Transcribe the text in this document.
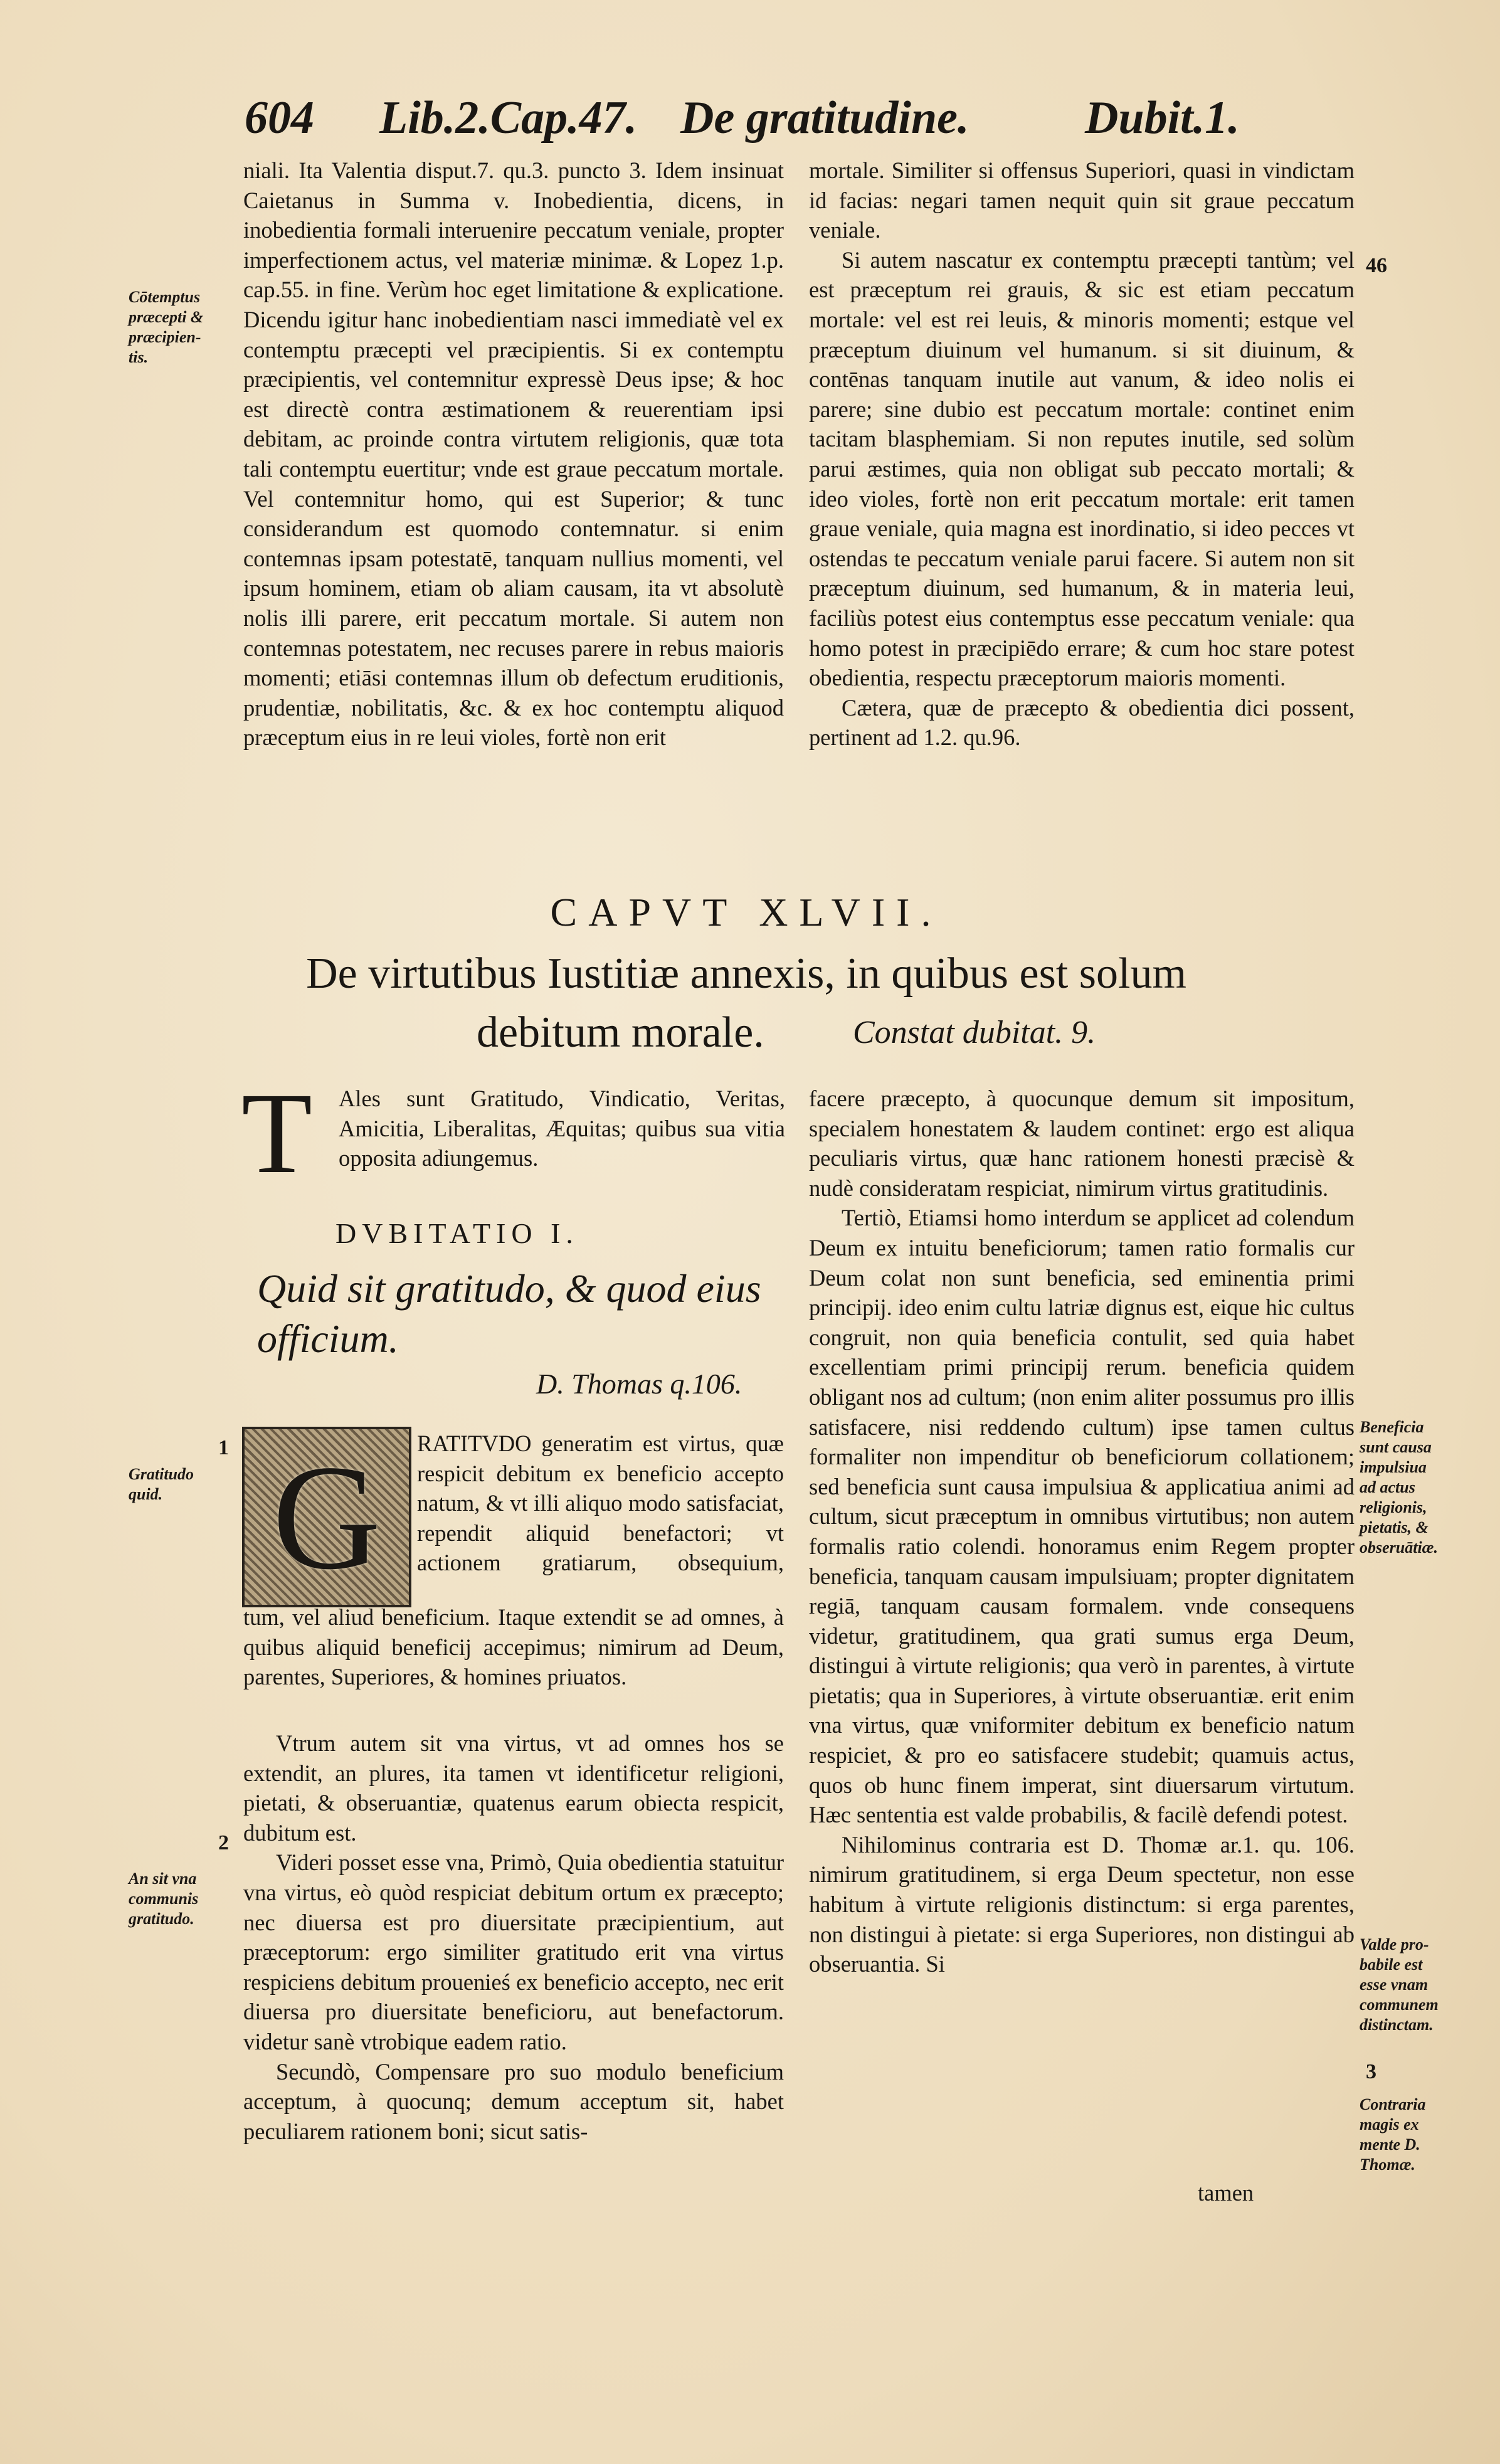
604 Lib.2.Cap.47. De gratitudine. Dubit.1.

niali. Ita Valentia disput.7. qu.3. puncto 3. Idem insinuat Caietanus in Summa v. Inobedientia, dicens, in inobedientia formali interuenire peccatum veniale, propter imperfectionem actus, vel materiæ minimæ. & Lopez 1.p. cap.55. in fine. Verùm hoc eget limitatione & explicatione. Dicendu igitur hanc inobedientiam nasci immediatè vel ex contemptu præcepti vel præcipientis. Si ex contemptu præcipientis, vel contemnitur expressè Deus ipse; & hoc est directè contra æstimationem & reuerentiam ipsi debitam, ac proinde contra virtutem religionis, quæ tota tali contemptu euertitur; vnde est graue peccatum mortale. Vel contemnitur homo, qui est Superior; & tunc considerandum est quomodo contemnatur. si enim contemnas ipsam potestatē, tanquam nullius momenti, vel ipsum hominem, etiam ob aliam causam, ita vt absolutè nolis illi parere, erit peccatum mortale. Si autem non contemnas potestatem, nec recuses parere in rebus maioris momenti; etiāsi contemnas illum ob defectum eruditionis, prudentiæ, nobilitatis, &c. & ex hoc contemptu aliquod præceptum eius in re leui violes, fortè non erit

mortale. Similiter si offensus Superiori, quasi in vindictam id facias: negari tamen nequit quin sit graue peccatum veniale.

Si autem nascatur ex contemptu præcepti tantùm; vel est præceptum rei grauis, & sic est etiam peccatum mortale: vel est rei leuis, & minoris momenti; estque vel præceptum diuinum vel humanum. si sit diuinum, & contēnas tanquam inutile aut vanum, & ideo nolis ei parere; sine dubio est peccatum mortale: continet enim tacitam blasphemiam. Si non reputes inutile, sed solùm parui æstimes, quia non obligat sub peccato mortali; & ideo violes, fortè non erit peccatum mortale: erit tamen graue veniale, quia magna est inordinatio, si ideo pecces vt ostendas te peccatum veniale parui facere. Si autem non sit præceptum diuinum, sed humanum, & in materia leui, faciliùs potest eius contemptus esse peccatum veniale: qua homo potest in præcipiēdo errare; & cum hoc stare potest obedientia, respectu præceptorum maioris momenti.

Cætera, quæ de præcepto & obedientia dici possent, pertinent ad 1.2. qu.96.

CAPVT XLVII.
De virtutibus Iustitiæ annexis, in quibus est solum
debitum morale.	Constat dubitat. 9.
T Ales sunt Gratitudo, Vindicatio, Veritas, Amicitia, Liberalitas, Æquitas; quibus sua vitia opposita adiungemus.

DVBITATIO I.
Quid sit gratitudo, & quod eius officium.
D. Thomas q.106.
G	RATITVDO generatim est virtus, quæ respicit debitum ex beneficio accepto natum, & vt illi aliquo modo satisfaciat, rependit aliquid benefactori; vt actionem gratiarum, obsequium,

tum, vel aliud beneficium. Itaque extendit se ad omnes, à quibus aliquid beneficij accepimus; nimirum ad Deum, parentes, Superiores, & homines priuatos.

Vtrum autem sit vna virtus, vt ad omnes hos se extendit, an plures, ita tamen vt identificetur religioni, pietati, & obseruantiæ, quatenus earum obiecta respicit, dubitum est.

Videri posset esse vna, Primò, Quia obedientia statuitur vna virtus, eò quòd respiciat debitum ortum ex præcepto; nec diuersa est pro diuersitate præcipientium, aut præceptorum: ergo similiter gratitudo erit vna virtus respiciens debitum prouenieś ex beneficio accepto, nec erit diuersa pro diuersitate beneficioru, aut benefactorum. videtur sanè vtrobique eadem ratio.

Secundò, Compensare pro suo modulo beneficium acceptum, à quocunq; demum acceptum sit, habet peculiarem rationem boni; sicut satis-

facere præcepto, à quocunque demum sit impositum, specialem honestatem & laudem continet: ergo est aliqua peculiaris virtus, quæ hanc rationem honesti præcisè & nudè consideratam respiciat, nimirum virtus gratitudinis.

Tertiò, Etiamsi homo interdum se applicet ad colendum Deum ex intuitu beneficiorum; tamen ratio formalis cur Deum colat non sunt beneficia, sed eminentia primi principij. ideo enim cultu latriæ dignus est, eique hic cultus congruit, non quia beneficia contulit, sed quia habet excellentiam primi principij rerum. beneficia quidem obligant nos ad cultum; (non enim aliter possumus pro illis satisfacere, nisi reddendo cultum) ipse tamen cultus formaliter non impenditur ob beneficiorum collationem; sed beneficia sunt causa impulsiua & applicatiua animi ad cultum, sicut præceptum in omnibus virtutibus; non autem formalis ratio colendi. honoramus enim Regem propter beneficia, tanquam causam impulsiuam; propter dignitatem regiā, tanquam causam formalem. vnde consequens videtur, gratitudinem, qua grati sumus erga Deum, distingui à virtute religionis; qua verò in parentes, à virtute pietatis; qua in Superiores, à virtute obseruantiæ. erit enim vna virtus, quæ vniformiter debitum ex beneficio natum respiciet, & pro eo satisfacere studebit; quamuis actus, quos ob hunc finem imperat, sint diuersarum virtutum. Hæc sententia est valde probabilis, & facilè defendi potest.

Nihilominus contraria est D. Thomæ ar.1. qu. 106. nimirum gratitudinem, si erga Deum spectetur, non esse habitum à virtute religionis distinctum: si erga parentes, non distingui à pietate: si erga Superiores, non distingui ab obseruantia. Si

tamen
Cōtemptus
præcepti &
præcipien-
tis.
Gratitudo
quid.
An sit vna
communis
gratitudo.
Beneficia
sunt causa
impulsiua
ad actus
religionis,
pietatis, &
obseruātiæ.
Valde pro-
babile est
esse vnam
communem
distinctam.
Contraria
magis ex
mente D.
Thomæ.
46
1
2
3
